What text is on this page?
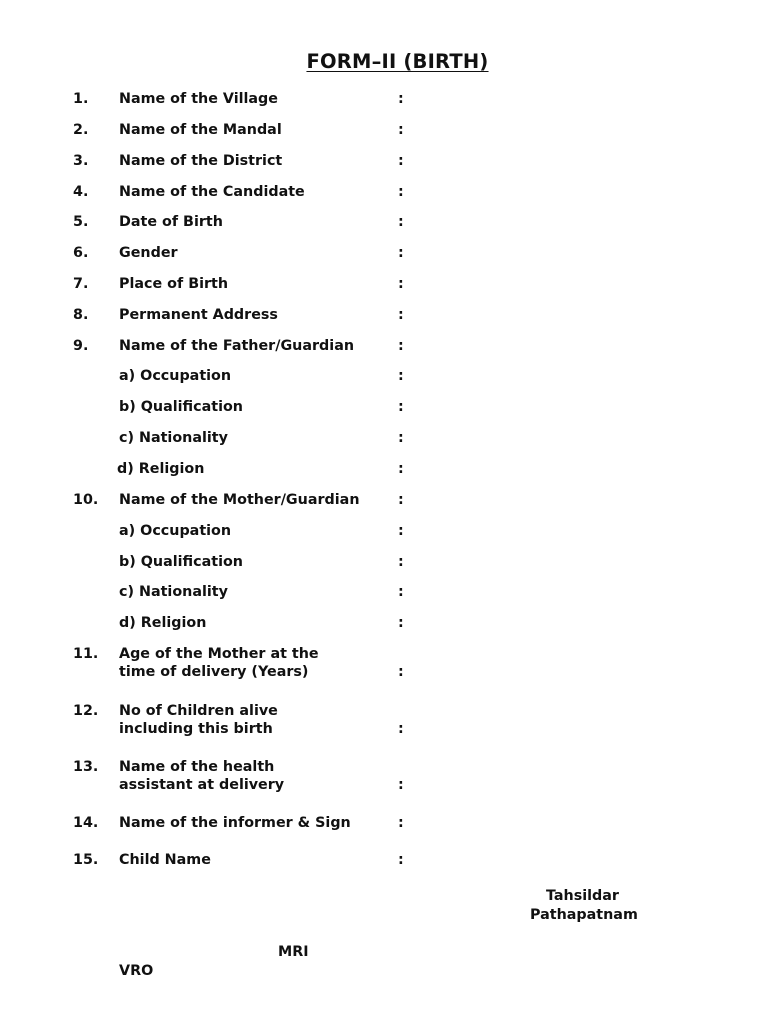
FORM–II (BIRTH)
1. Name of the Village	:
2. Name of the Mandal	:
3. Name of the District	:
4. Name of the Candidate	:
5. Date of Birth	:
6. Gender	:
7. Place of Birth	:
8. Permanent Address	:
9. Name of the Father/Guardian	:
a) Occupation	:
b) Qualification	:
c) Nationality	:
d) Religion	:
10. Name of the Mother/Guardian	:
a) Occupation	:
b) Qualification	:
c) Nationality	:
d) Religion	:
11. Age of the Mother at the
time of delivery (Years)	:
12. No of Children alive
including this birth	:
13. Name of the health
assistant at delivery	:
14. Name of the informer & Sign	:
15. Child Name	:
Tahsildar
Pathapatnam
MRI
VRO
